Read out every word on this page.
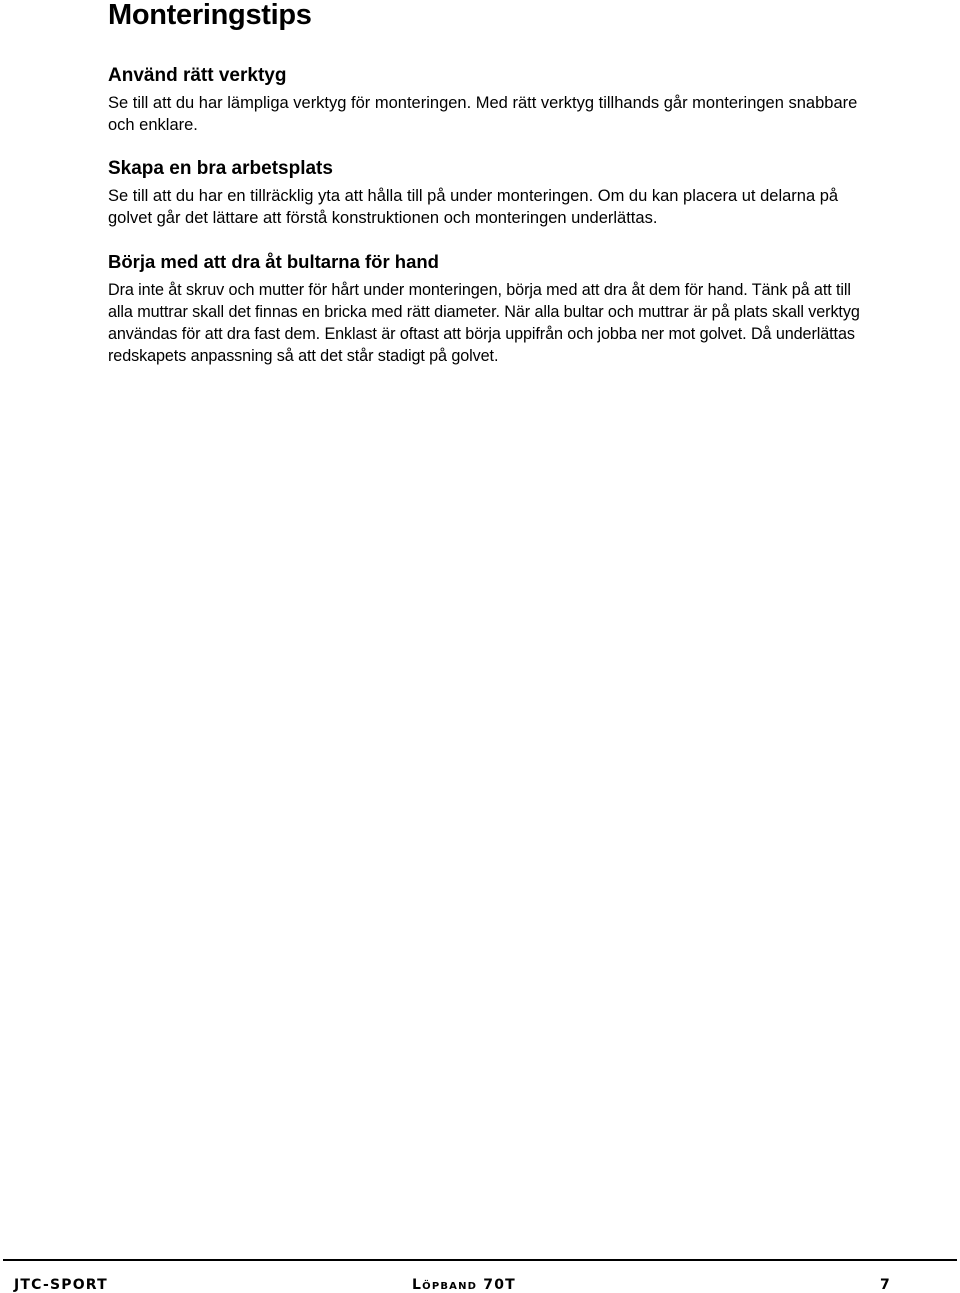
Monteringstips
Använd rätt verktyg

Se till att du har lämpliga verktyg för monteringen. Med rätt verktyg tillhands går monteringen snabbare och enklare.

Skapa en bra arbetsplats

Se till att du har en tillräcklig yta att hålla till på under monteringen. Om du kan placera ut delarna på golvet går det lättare att förstå konstruktionen och monteringen underlättas.

Börja med att dra åt bultarna för hand

Dra inte åt skruv och mutter för hårt under monteringen, börja med att dra åt dem för hand. Tänk på att till alla muttrar skall det finnas en bricka med rätt diameter. När alla bultar och muttrar är på plats skall verktyg användas för att dra fast dem. Enklast är oftast att börja uppifrån och jobba ner mot golvet. Då underlättas redskapets anpassning så att det står stadigt på golvet.

JTC-SPORT	Löpband 70T	7
